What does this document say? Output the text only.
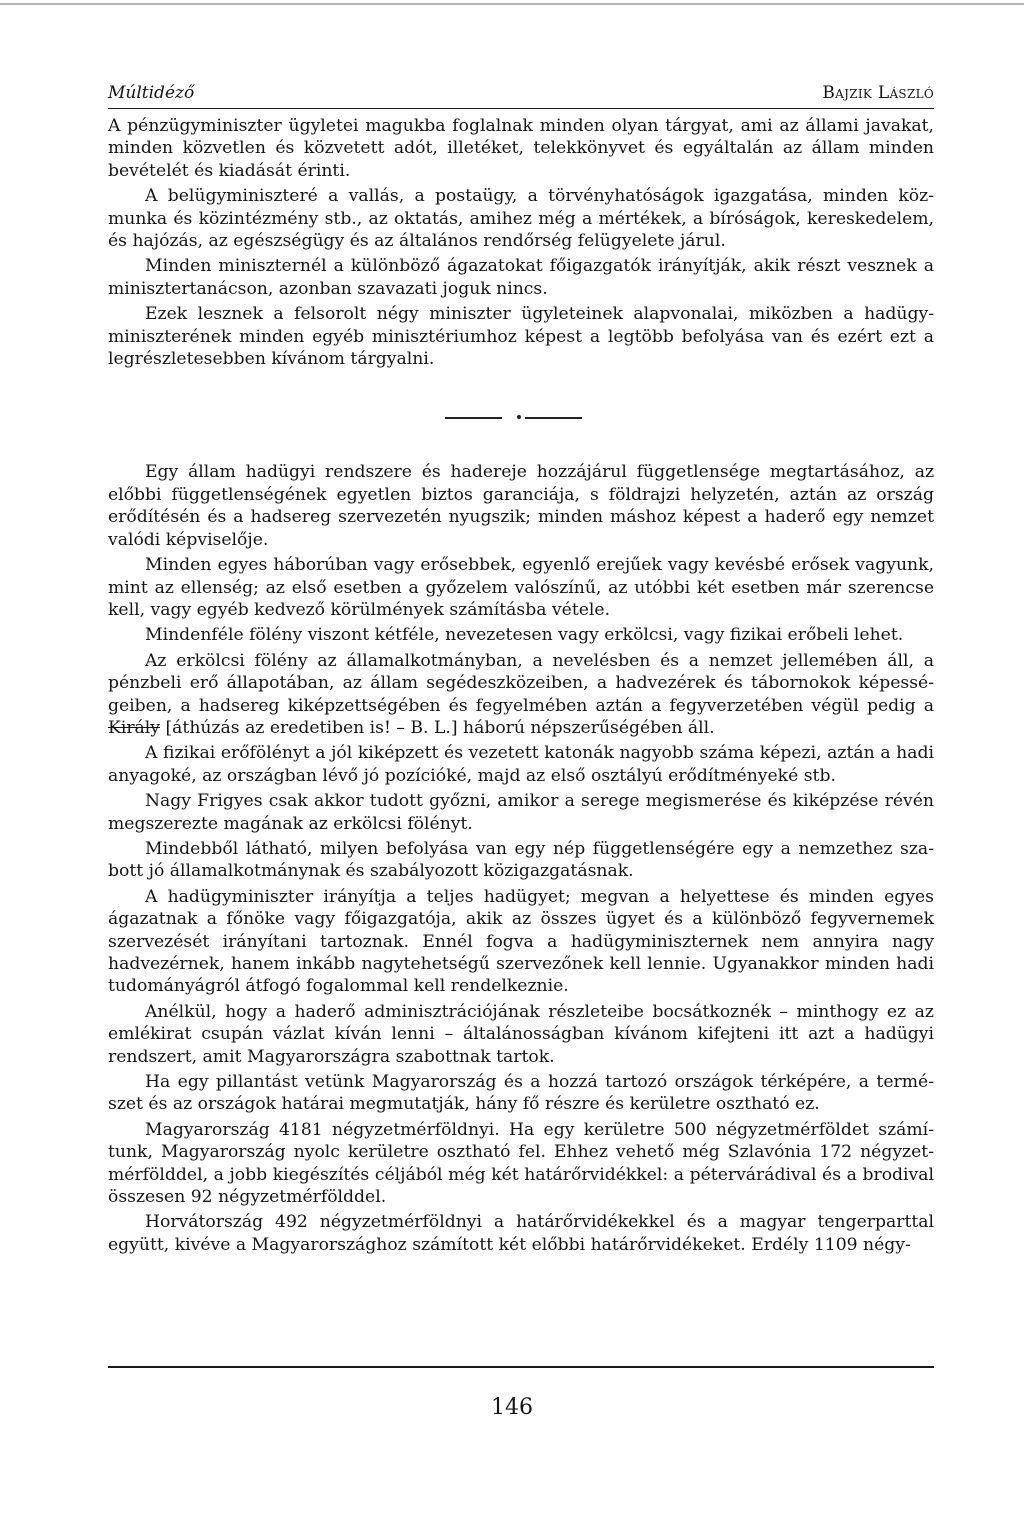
Múltidéző	Bajzik László

A pénzügyminiszter ügyletei magukba foglalnak minden olyan tárgyat, ami az állami javakat, minden közvetlen és közvetett adót, illetéket, telekkönyvet és egyáltalán az állam minden bevételét és kiadását érinti.

A belügyminiszteré a vallás, a postaügy, a törvényhatóságok igazgatása, minden közmunka és közintézmény stb., az oktatás, amihez még a mértékek, a bíróságok, kereskedelem, és hajózás, az egészségügy és az általános rendőrség felügyelete járul.

Minden miniszternél a különböző ágazatokat főigazgatók irányítják, akik részt vesznek a minisztertanácson, azonban szavazati joguk nincs.

Ezek lesznek a felsorolt négy miniszter ügyleteinek alapvonalai, miközben a hadügyminiszterének minden egyéb minisztériumhoz képest a legtöbb befolyása van és ezért ezt a legrészletesebben kívánom tárgyalni.

Egy állam hadügyi rendszere és hadereje hozzájárul függetlensége megtartásához, az előbbi függetlenségének egyetlen biztos garanciája, s földrajzi helyzetén, aztán az ország erődítésén és a hadsereg szervezetén nyugszik; minden máshoz képest a haderő egy nemzet valódi képviselője.

Minden egyes háborúban vagy erősebbek, egyenlő erejűek vagy kevésbé erősek vagyunk, mint az ellenség; az első esetben a győzelem valószínű, az utóbbi két esetben már szerencse kell, vagy egyéb kedvező körülmények számításba vétele.

Mindenféle fölény viszont kétféle, nevezetesen vagy erkölcsi, vagy fizikai erőbeli lehet.

Az erkölcsi fölény az államalkotmányban, a nevelésben és a nemzet jellemében áll, a pénzbeli erő állapotában, az állam segédeszközeiben, a hadvezérek és tábornokok képességeiben, a hadsereg kiképzettségében és fegyelmében aztán a fegyverzetében végül pedig a Király [áthúzás az eredetiben is! – B. L.] háború népszerűségében áll.

A fizikai erőfölényt a jól kiképzett és vezetett katonák nagyobb száma képezi, aztán a hadi anyagoké, az országban lévő jó pozícióké, majd az első osztályú erődítményeké stb.

Nagy Frigyes csak akkor tudott győzni, amikor a serege megismerése és kiképzése révén megszerezte magának az erkölcsi fölényt.

Mindebből látható, milyen befolyása van egy nép függetlenségére egy a nemzethez szabott jó államalkotmánynak és szabályozott közigazgatásnak.

A hadügyminiszter irányítja a teljes hadügyet; megvan a helyettese és minden egyes ágazatnak a főnöke vagy főigazgatója, akik az összes ügyet és a különböző fegyvernemek szervezését irányítani tartoznak. Ennél fogva a hadügyminiszternek nem annyira nagy hadvezérnek, hanem inkább nagytehetségű szervezőnek kell lennie. Ugyanakkor minden hadi tudományágról átfogó fogalommal kell rendelkeznie.

Anélkül, hogy a haderő adminisztrációjának részleteibe bocsátkoznék – minthogy ez az emlékirat csupán vázlat kíván lenni – általánosságban kívánom kifejteni itt azt a hadügyi rendszert, amit Magyarországra szabottnak tartok.

Ha egy pillantást vetünk Magyarország és a hozzá tartozó országok térképére, a természet és az országok határai megmutatják, hány fő részre és kerületre osztható ez.

Magyarország 4181 négyzetmérföldnyi. Ha egy kerületre 500 négyzetmérföldet számítunk, Magyarország nyolc kerületre osztható fel. Ehhez vehető még Szlavónia 172 négyzetmérfölddel, a jobb kiegészítés céljából még két határőrvidékkel: a pétervárádival és a brodival összesen 92 négyzetmérfölddel.

Horvátország 492 négyzetmérföldnyi a határőrvidékekkel és a magyar tengerparttal együtt, kivéve a Magyarországhoz számított két előbbi határőrvidékeket. Erdély 1109 négy-

146
